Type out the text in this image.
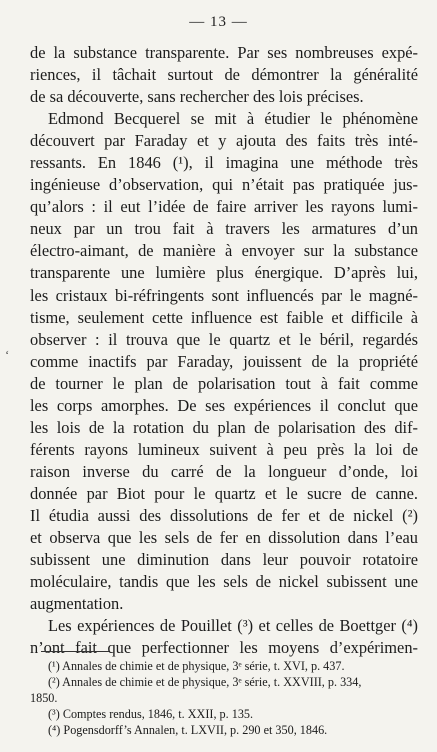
— 13 —
‘
de la substance transparente. Par ses nombreuses expé-
riences, il tâchait surtout de démontrer la généralité
de sa découverte, sans rechercher des lois précises.
Edmond Becquerel se mit à étudier le phénomène
découvert par Faraday et y ajouta des faits très inté-
ressants. En 1846 (¹), il imagina une méthode très
ingénieuse d’observation, qui n’était pas pratiquée jus-
qu’alors : il eut l’idée de faire arriver les rayons lumi-
neux par un trou fait à travers les armatures d’un
électro-aimant, de manière à envoyer sur la substance
transparente une lumière plus énergique. D’après lui,
les cristaux bi-réfringents sont influencés par le magné-
tisme, seulement cette influence est faible et difficile à
observer : il trouva que le quartz et le béril, regardés
comme inactifs par Faraday, jouissent de la propriété
de tourner le plan de polarisation tout à fait comme
les corps amorphes. De ses expériences il conclut que
les lois de la rotation du plan de polarisation des dif-
férents rayons lumineux suivent à peu près la loi de
raison inverse du carré de la longueur d’onde, loi
donnée par Biot pour le quartz et le sucre de canne.
Il étudia aussi des dissolutions de fer et de nickel (²)
et observa que les sels de fer en dissolution dans l’eau
subissent une diminution dans leur pouvoir rotatoire
moléculaire, tandis que les sels de nickel subissent une
augmentation.
Les expériences de Pouillet (³) et celles de Boettger (⁴)
n’ont fait que perfectionner les moyens d’expérimen-
(¹) Annales de chimie et de physique, 3ᵉ série, t. XVI, p. 437.
(²) Annales de chimie et de physique, 3ᵉ série, t. XXVIII, p. 334,
1850.
(³) Comptes rendus, 1846, t. XXII, p. 135.
(⁴) Pogensdorff’s Annalen, t. LXVII, p. 290 et 350, 1846.
